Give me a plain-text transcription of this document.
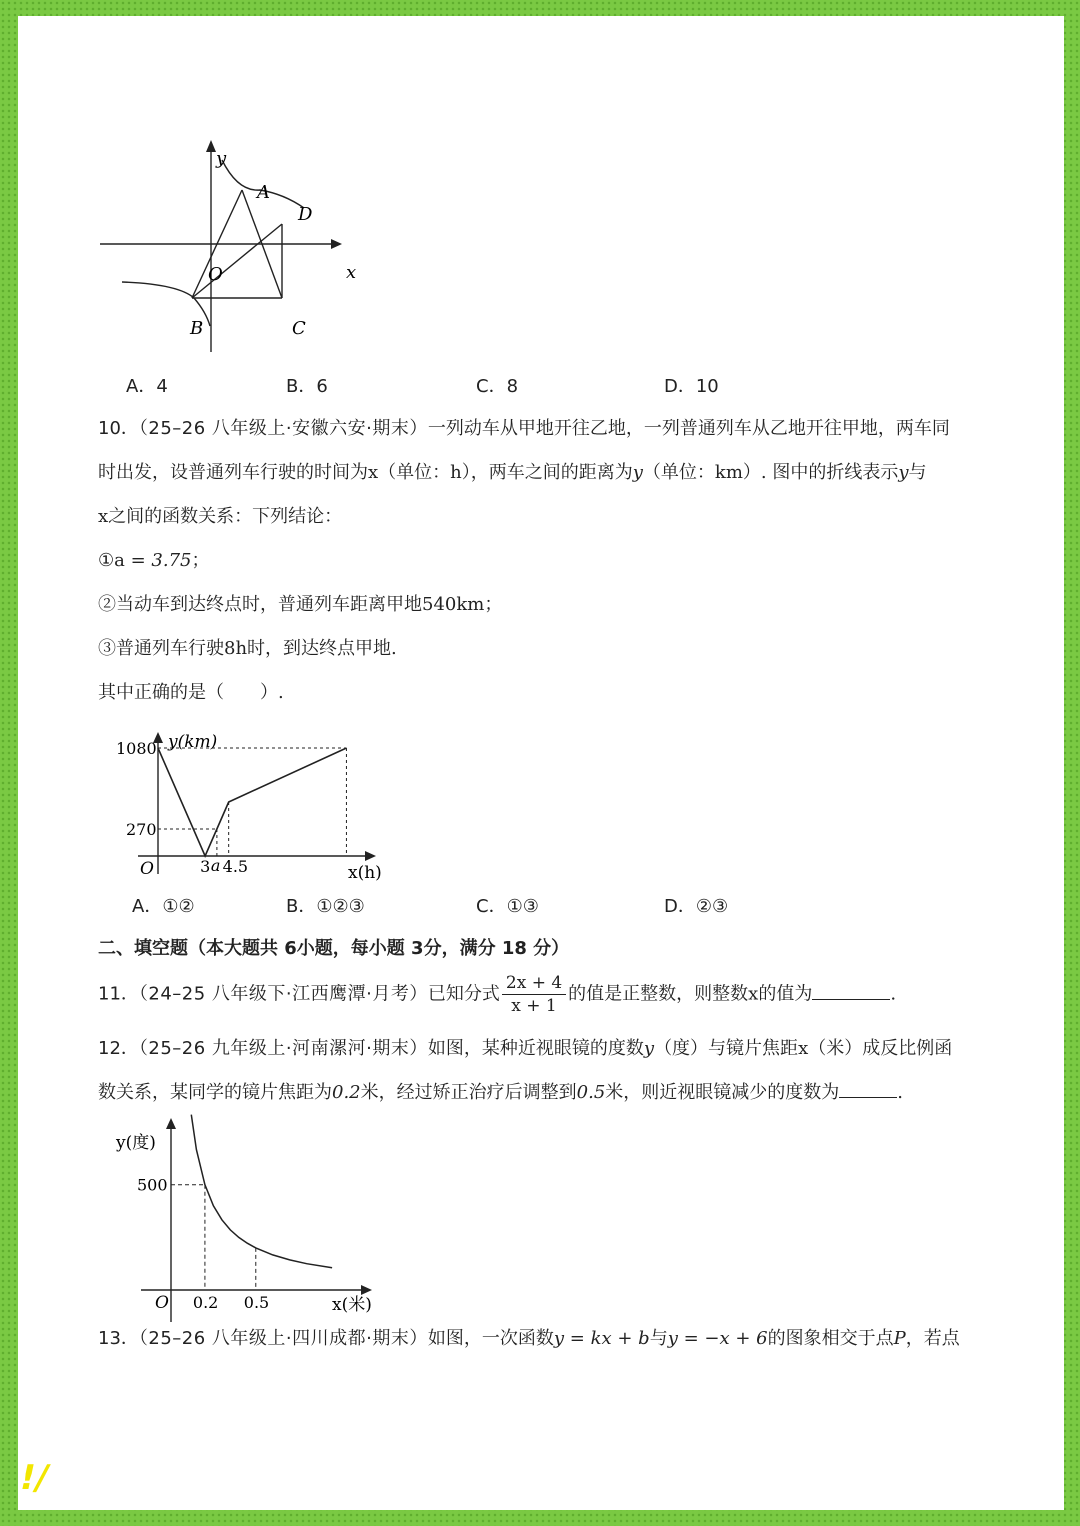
y
x
O
A
D
B	C
A．4	B．6	C．8	D．10
10．（25–26 八年级上·安徽六安·期末）一列动车从甲地开往乙地，一列普通列车从乙地开往甲地，两车同
时出发，设普通列车行驶的时间为x（单位：h），两车之间的距离为y（单位：km）. 图中的折线表示y与
x之间的函数关系：下列结论：
①a = 3.75；
②当动车到达终点时，普通列车距离甲地540km；
③普通列车行驶8h时，到达终点甲地.
其中正确的是（　　）.
y(km)
x(h)
O
1080
270
3 a 4.5
A．①②	B．①②③	C．①③	D．②③
二、填空题（本大题共 6小题，每小题 3分，满分 18 分）
11．（24–25 八年级下·江西鹰潭·月考）已知分式 $\frac{2x + 4}{x + 1}$ 的值是正整数，则整数x的值为	.
12．（25–26 九年级上·河南漯河·期末）如图，某种近视眼镜的度数y（度）与镜片焦距x（米）成反比例函
数关系，某同学的镜片焦距为0.2米，经过矫正治疗后调整到0.5米，则近视眼镜减少的度数为	.
y(度)
x(米)
O
500
0.2 0.5
13．（25–26 八年级上·四川成都·期末）如图，一次函数y = kx + b与y = −x + 6的图象相交于点P，若点
!/
